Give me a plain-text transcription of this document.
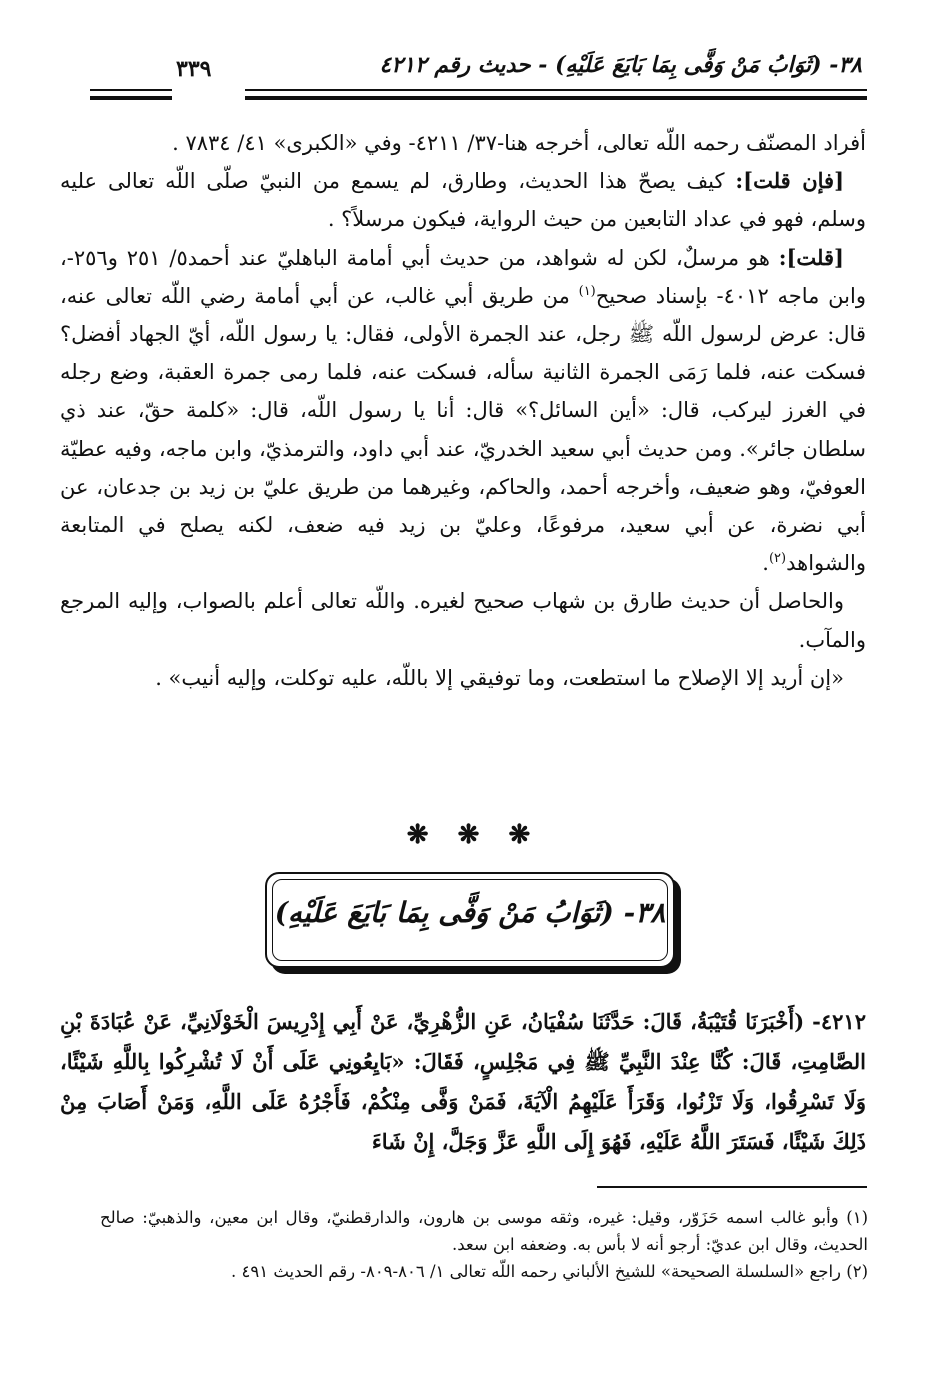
٣٨- (ثَوَابُ مَنْ وَفَّى بِمَا بَايَعَ عَلَيْهِ) - حديث رقم ٤٢١٢
٣٣٩

أفراد المصنّف رحمه اللّه تعالى، أخرجه هنا-٣٧/ ٤٢١١- وفي «الكبرى» ٤١/ ٧٨٣٤ .

[فإن قلت]: كيف يصحّ هذا الحديث، وطارق، لم يسمع من النبيّ صلّى اللّه تعالى عليه وسلم، فهو في عداد التابعين من حيث الرواية، فيكون مرسلاً؟ .

[قلت]: هو مرسلٌ، لكن له شواهد، من حديث أبي أمامة الباهليّ عند أحمد٥/ ٢٥١ و٢٥٦-، وابن ماجه ٤٠١٢- بإسناد صحيح$^{(١)}$ من طريق أبي غالب، عن أبي أمامة رضي اللّه تعالى عنه، قال: عرض لرسول اللّه ﷺ رجل، عند الجمرة الأولى، فقال: يا رسول اللّه، أيّ الجهاد أفضل؟ فسكت عنه، فلما رَمَى الجمرة الثانية سأله، فسكت عنه، فلما رمى جمرة العقبة، وضع رجله في الغرز ليركب، قال: «أين السائل؟» قال: أنا يا رسول اللّه، قال: «كلمة حقّ، عند ذي سلطان جائر». ومن حديث أبي سعيد الخدريّ، عند أبي داود، والترمذيّ، وابن ماجه، وفيه عطيّة العوفيّ، وهو ضعيف، وأخرجه أحمد، والحاكم، وغيرهما من طريق عليّ بن زيد بن جدعان، عن أبي نضرة، عن أبي سعيد، مرفوعًا، وعليّ بن زيد فيه ضعف، لكنه يصلح في المتابعة والشواهد$^{(٢)}$.

والحاصل أن حديث طارق بن شهاب صحيح لغيره. واللّه تعالى أعلم بالصواب، وإليه المرجع والمآب.

«إن أريد إلا الإصلاح ما استطعت، وما توفيقي إلا باللّه، عليه توكلت، وإليه أنيب» .

❋ ❋ ❋
٣٨- (ثَوَابُ مَنْ وَفَّى بِمَا بَايَعَ عَلَيْهِ)
٤٢١٢- (أَخْبَرَنَا قُتَيْبَةُ، قَالَ: حَدَّثَنَا سُفْيَانُ، عَنِ الزُّهْرِيِّ، عَنْ أَبِي إِدْرِيسَ الْخَوْلَانِيِّ، عَنْ عُبَادَةَ بْنِ الصَّامِتِ، قَالَ: كُنَّا عِنْدَ النَّبِيِّ ﷺ فِي مَجْلِسٍ، فَقَالَ: «بَايِعُونِي عَلَى أَنْ لَا تُشْرِكُوا بِاللَّهِ شَيْئًا، وَلَا تَسْرِقُوا، وَلَا تَزْنُوا، وَقَرَأَ عَلَيْهِمُ الْآيَةَ، فَمَنْ وَفَّى مِنْكُمْ، فَأَجْرُهُ عَلَى اللَّهِ، وَمَنْ أَصَابَ مِنْ ذَلِكَ شَيْئًا، فَسَتَرَ اللَّهُ عَلَيْهِ، فَهُوَ إِلَى اللَّهِ عَزَّ وَجَلَّ، إِنْ شَاءَ

(١) وأبو غالب اسمه حَزَوّر، وقيل: غيره، وثقه موسى بن هارون، والدارقطنيّ، وقال ابن معين، والذهبيّ: صالح الحديث، وقال ابن عديّ: أرجو أنه لا بأس به. وضعفه ابن سعد.

(٢) راجع «السلسلة الصحيحة» للشيخ الألباني رحمه اللّه تعالى ١/ ٨٠٦-٨٠٩- رقم الحديث ٤٩١ .
